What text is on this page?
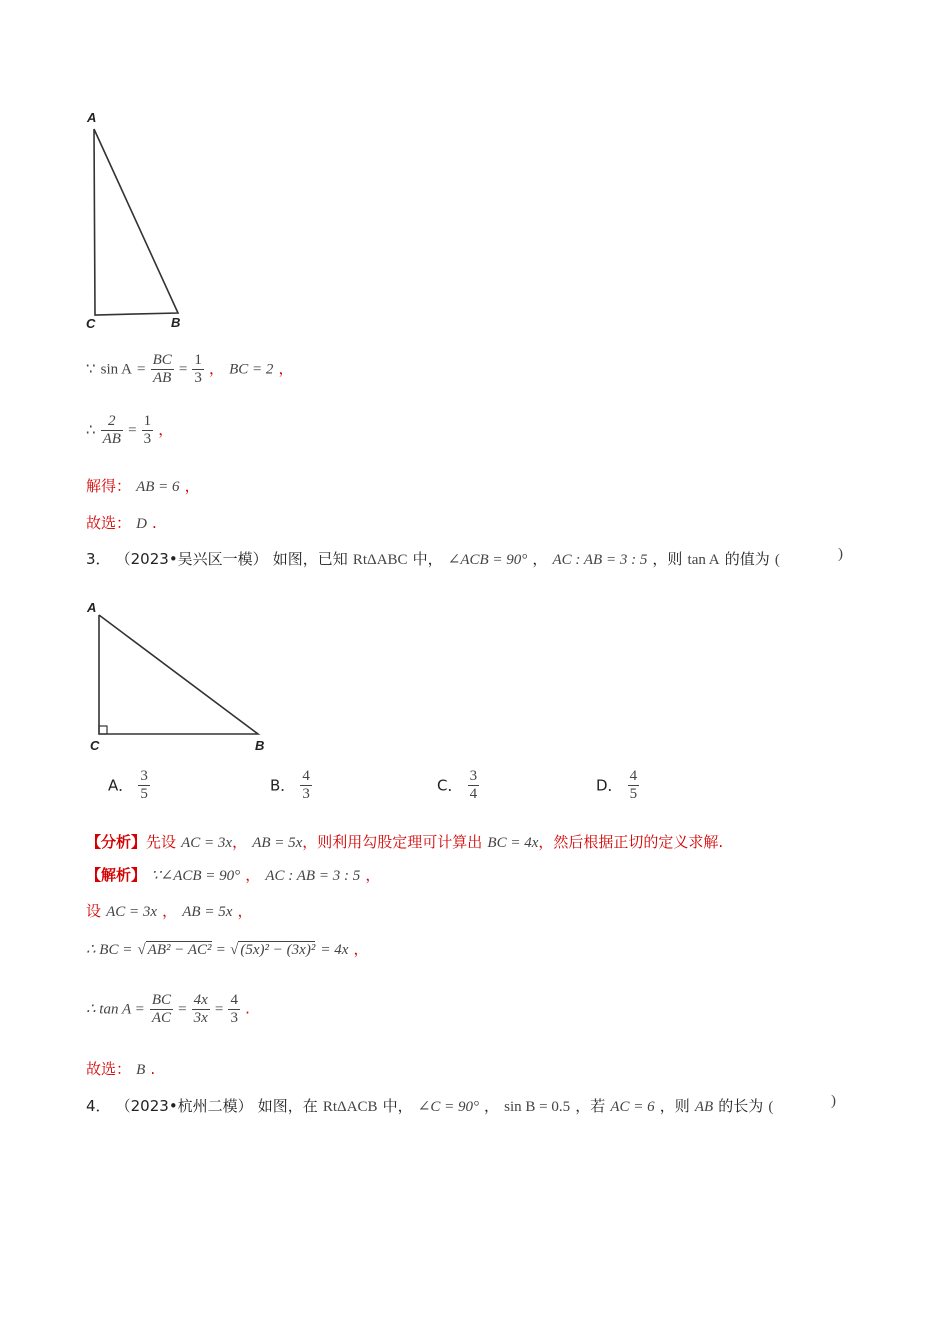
A
C	B
∵ $\sin A = \frac{BC}{AB} = \frac{1}{3}$ ， BC = 2 ，
∴ $\frac{2}{AB} = \frac{1}{3}$ ，
解得： AB = 6 ，
故选： D .
3． （2023•吴兴区一模） 如图，已知 RtΔABC 中， ∠ACB = 90° ， AC : AB = 3 : 5 ，则 tan A 的值为 (	)
A
C	B
A． $\frac{3}{5}$	B． $\frac{4}{3}$	C． $\frac{3}{4}$	D． $\frac{4}{5}$
【分析】先设 AC = 3x， AB = 5x，则利用勾股定理可计算出 BC = 4x，然后根据正切的定义求解.
【解析】 ∵∠ACB = 90° ， AC : AB = 3 : 5 ，
设 AC = 3x ， AB = 5x ，
∴ BC = √ AB² − AC² = √ (5x)² − (3x)² = 4x ，
∴ $\tan A = \frac{BC}{AC} = \frac{4x}{3x} = \frac{4}{3}$ .
故选： B .
4． （2023•杭州二模） 如图，在 RtΔACB 中， ∠C = 90° ， sin B = 0.5 ，若 AC = 6 ，则 AB 的长为 (	)
